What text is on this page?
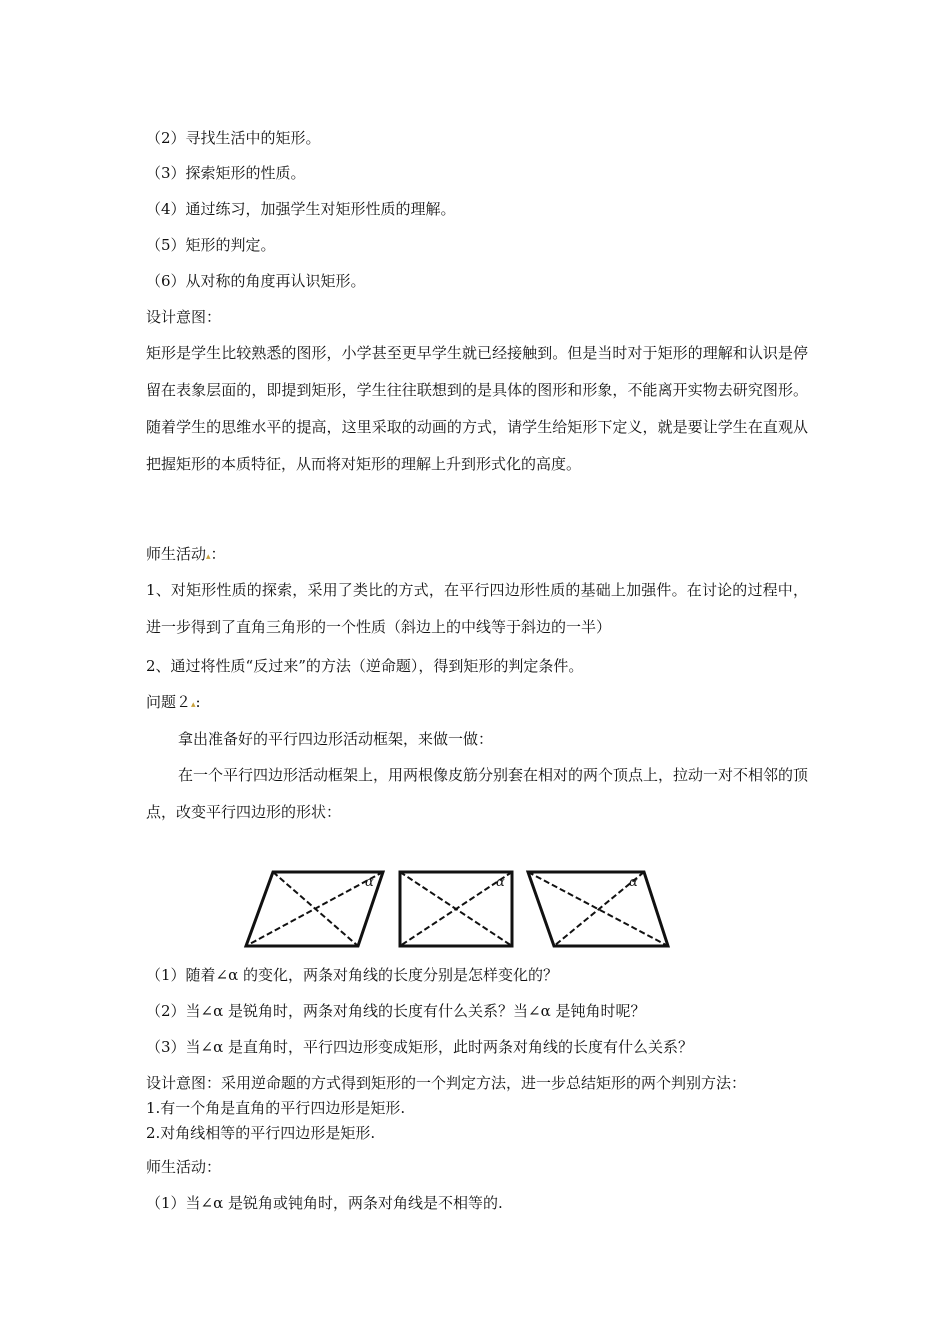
（2）寻找生活中的矩形。
（3）探索矩形的性质。
（4）通过练习，加强学生对矩形性质的理解。
（5）矩形的判定。
（6）从对称的角度再认识矩形。
设计意图：
矩形是学生比较熟悉的图形，小学甚至更早学生就已经接触到。但是当时对于矩形的理解和认识是停留在表象层面的，即提到矩形，学生往往联想到的是具体的图形和形象，不能离开实物去研究图形。随着学生的思维水平的提高，这里采取的动画的方式，请学生给矩形下定义，就是要让学生在直观从把握矩形的本质特征，从而将对矩形的理解上升到形式化的高度。
师生活动▴：
1、对矩形性质的探索，采用了类比的方式，在平行四边形性质的基础上加强件。在讨论的过程中，进一步得到了直角三角形的一个性质（斜边上的中线等于斜边的一半）
2、通过将性质“反过来”的方法（逆命题），得到矩形的判定条件。
问题２▴:
拿出准备好的平行四边形活动框架，来做一做：
在一个平行四边形活动框架上，用两根像皮筋分别套在相对的两个顶点上，拉动一对不相邻的顶点，改变平行四边形的形状：
α	α	α
（1）随着∠α 的变化，两条对角线的长度分别是怎样变化的？
（2）当∠α 是锐角时，两条对角线的长度有什么关系？当∠α 是钝角时呢？
（3）当∠α 是直角时，平行四边形变成矩形，此时两条对角线的长度有什么关系？
设计意图：采用逆命题的方式得到矩形的一个判定方法，进一步总结矩形的两个判别方法：
1.有一个角是直角的平行四边形是矩形.
2.对角线相等的平行四边形是矩形.
师生活动：
（1）当∠α 是锐角或钝角时，两条对角线是不相等的.
